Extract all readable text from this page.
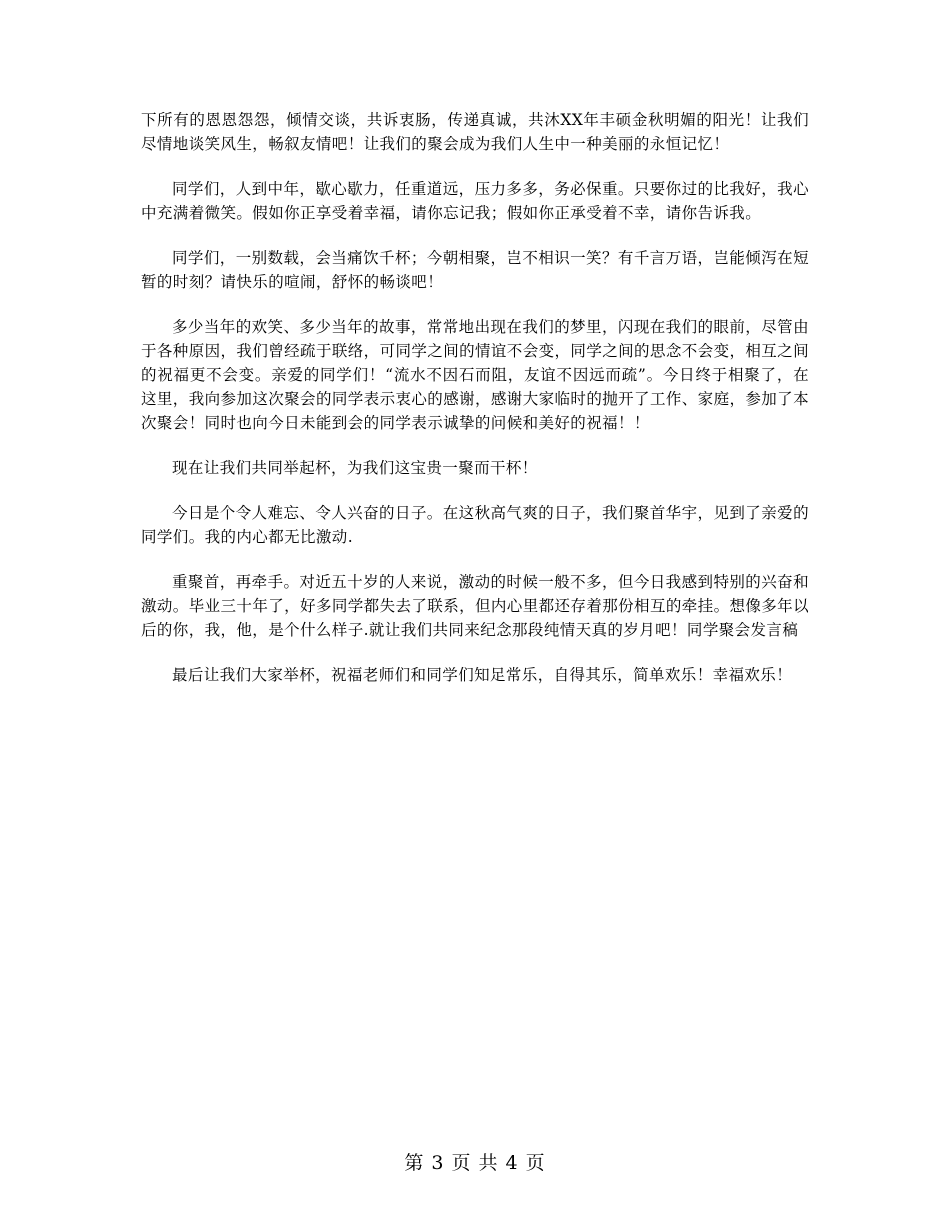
下所有的恩恩怨怨，倾情交谈，共诉衷肠，传递真诚，共沐XX年丰硕金秋明媚的阳光！让我们尽情地谈笑风生，畅叙友情吧！让我们的聚会成为我们人生中一种美丽的永恒记忆！

同学们，人到中年，歇心歇力，任重道远，压力多多，务必保重。只要你过的比我好，我心中充满着微笑。假如你正享受着幸福，请你忘记我；假如你正承受着不幸，请你告诉我。

同学们，一别数载，会当痛饮千杯；今朝相聚，岂不相识一笑？有千言万语，岂能倾泻在短暂的时刻？请快乐的喧闹，舒怀的畅谈吧！

多少当年的欢笑、多少当年的故事，常常地出现在我们的梦里，闪现在我们的眼前，尽管由于各种原因，我们曾经疏于联络，可同学之间的情谊不会变，同学之间的思念不会变，相互之间的祝福更不会变。亲爱的同学们！“流水不因石而阻，友谊不因远而疏”。今日终于相聚了，在这里，我向参加这次聚会的同学表示衷心的感谢，感谢大家临时的抛开了工作、家庭，参加了本次聚会！同时也向今日未能到会的同学表示诚挚的问候和美好的祝福！！

现在让我们共同举起杯，为我们这宝贵一聚而干杯！

今日是个令人难忘、令人兴奋的日子。在这秋高气爽的日子，我们聚首华宇，见到了亲爱的同学们。我的内心都无比激动.

重聚首，再牵手。对近五十岁的人来说，激动的时候一般不多，但今日我感到特别的兴奋和激动。毕业三十年了，好多同学都失去了联系，但内心里都还存着那份相互的牵挂。想像多年以后的你，我，他，是个什么样子.就让我们共同来纪念那段纯情天真的岁月吧！同学聚会发言稿

最后让我们大家举杯，祝福老师们和同学们知足常乐，自得其乐，简单欢乐！幸福欢乐！

第 3 页 共 4 页
